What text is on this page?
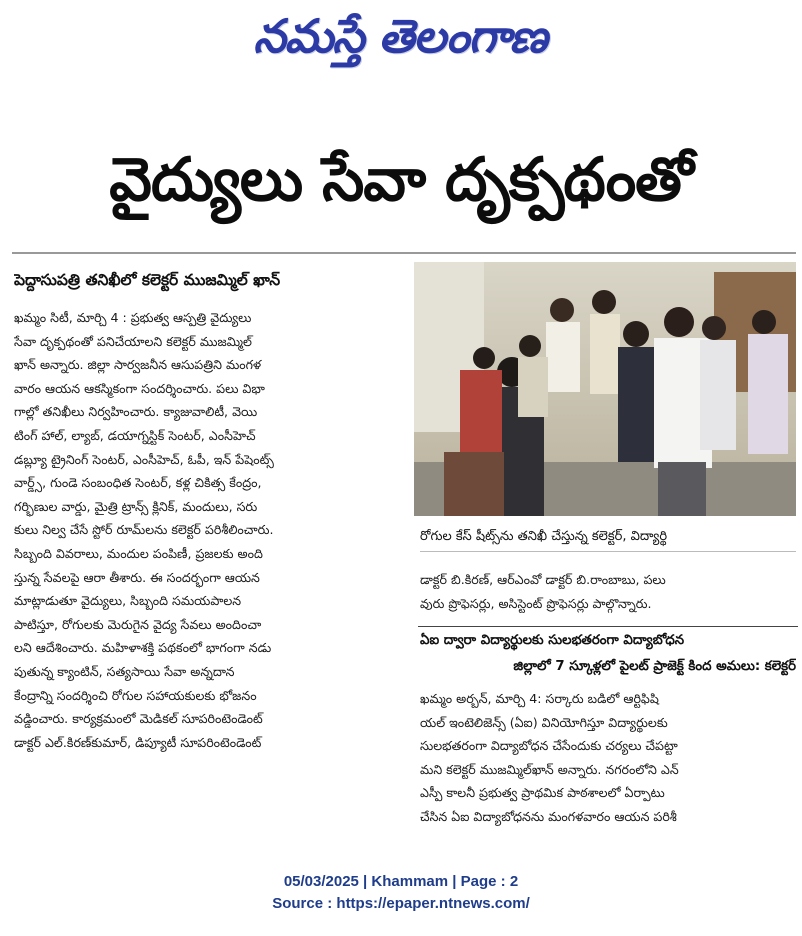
నమస్తే తెలంగాణ
వైద్యులు సేవా దృక్పథంతో
పెద్దాసుపత్రి తనిఖీలో కలెక్టర్ ముజమ్మిల్ ఖాన్
ఖమ్మం సిటీ, మార్చి 4 : ప్రభుత్వ ఆస్పత్రి వైద్యులు
సేవా దృక్పథంతో పనిచేయాలని కలెక్టర్ ముజమ్మిల్
ఖాన్ అన్నారు. జిల్లా సార్వజనీన ఆసుపత్రిని మంగళ
వారం ఆయన ఆకస్మికంగా సందర్శించారు. పలు విభా
గాల్లో తనిఖీలు నిర్వహించారు. క్యాజువాలిటీ, వెయి
టింగ్ హాల్, ల్యాబ్, డయాగ్నస్టిక్ సెంటర్, ఎంసీహెచ్
డబ్ల్యూ ట్రైనింగ్ సెంటర్, ఎంసీహెచ్, ఓపీ, ఇన్ పేషెంట్స్
వార్డ్స్, గుండె సంబంధిత సెంటర్, కళ్ల చికిత్స కేంద్రం,
గర్భిణుల వార్డు, మైత్రి ట్రాన్స్ క్లినిక్, మందులు, సరు
కులు నిల్వ చేసే స్టోర్ రూమ్‌లను కలెక్టర్ పరిశీలించారు.
సిబ్బంది వివరాలు, మందుల పంపిణీ, ప్రజలకు అంది
స్తున్న సేవలపై ఆరా తీశారు. ఈ సందర్భంగా ఆయన
మాట్లాడుతూ వైద్యులు, సిబ్బంది సమయపాలన
పాటిస్తూ, రోగులకు మెరుగైన వైద్య సేవలు అందించా
లని ఆదేశించారు. మహిళాశక్తి పథకంలో భాగంగా నడు
పుతున్న క్యాంటిన్, సత్యసాయి సేవా అన్నదాన
కేంద్రాన్ని సందర్శించి రోగుల సహాయకులకు భోజనం
వడ్డించారు. కార్యక్రమంలో మెడికల్ సూపరింటెండెంట్
డాక్టర్ ఎల్.కిరణ్‌కుమార్, డిప్యూటీ సూపరింటెండెంట్
రోగుల కేస్ షీట్స్‌ను తనిఖీ చేస్తున్న కలెక్టర్, విద్యార్థి
డాక్టర్ బి.కిరణ్, ఆర్ఎంవో డాక్టర్ బి.రాంబాబు, పలు
వురు ప్రొఫెసర్లు, అసిస్టెంట్ ప్రొఫెసర్లు పాల్గొన్నారు.
ఏఐ ద్వారా విద్యార్థులకు సులభతరంగా విద్యాబోధన
జిల్లాలో 7 స్కూళ్లలో పైలట్ ప్రాజెక్ట్ కింద అమలు: కలెక్టర్
ఖమ్మం అర్బన్, మార్చి 4: సర్కారు బడిలో ఆర్టిఫిషి
యల్ ఇంటెలిజెన్స్ (ఏఐ) వినియోగిస్తూ విద్యార్థులకు
సులభతరంగా విద్యాబోధన చేసేందుకు చర్యలు చేపట్టా
మని కలెక్టర్ ముజమ్మిల్‌ఖాన్ అన్నారు. నగరంలోని ఎన్
ఎస్పీ కాలనీ ప్రభుత్వ ప్రాథమిక పాఠశాలలో ఏర్పాటు
చేసిన ఏఐ విద్యాబోధనను మంగళవారం ఆయన పరిశీ
05/03/2025 | Khammam | Page : 2
Source : https://epaper.ntnews.com/
